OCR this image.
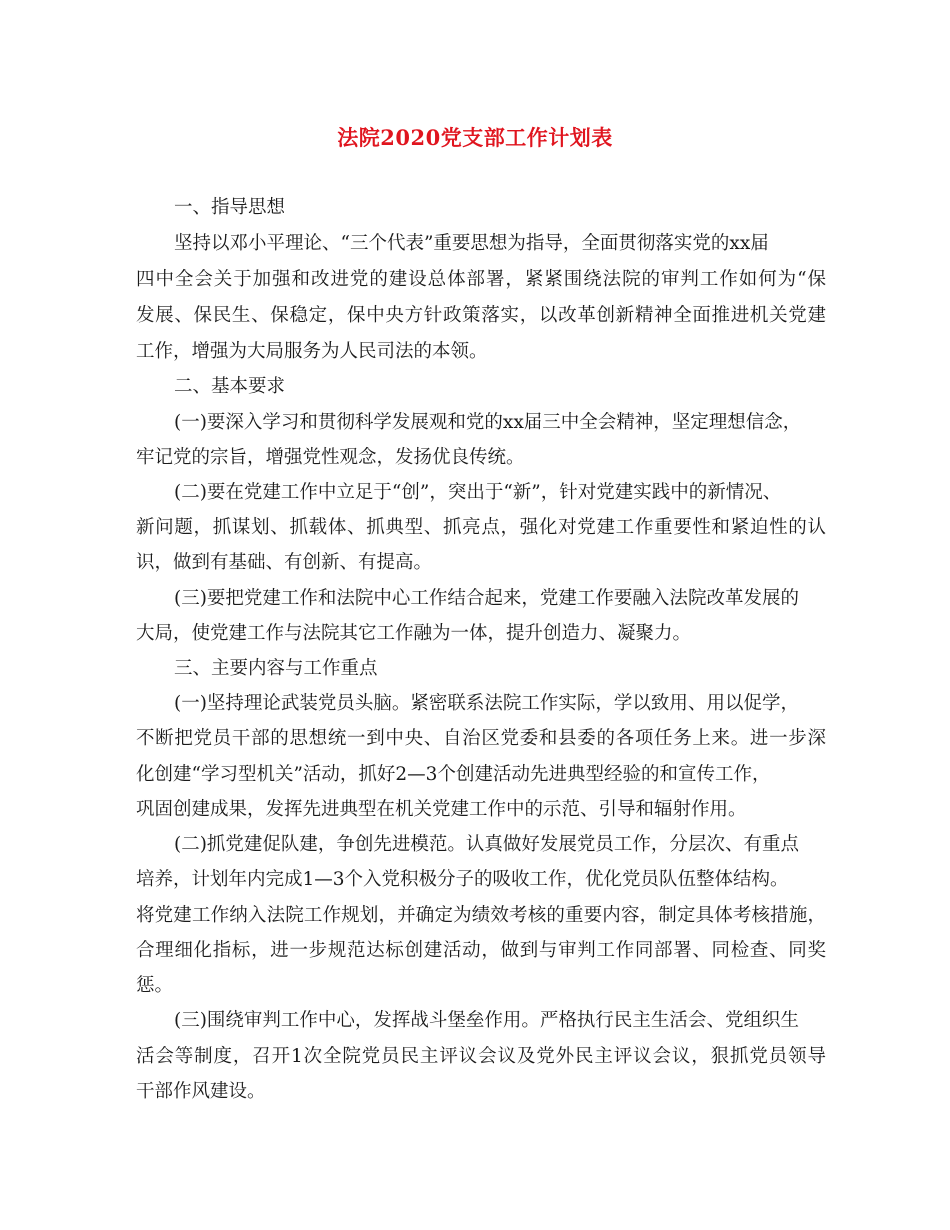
法院2020党支部工作计划表
一、指导思想
坚持以邓小平理论、“三个代表”重要思想为指导，全面贯彻落实党的xx届
四中全会关于加强和改进党的建设总体部署，紧紧围绕法院的审判工作如何为“保
发展、保民生、保稳定，保中央方针政策落实，以改革创新精神全面推进机关党建
工作，增强为大局服务为人民司法的本领。
二、基本要求
(一)要深入学习和贯彻科学发展观和党的xx届三中全会精神，坚定理想信念，
牢记党的宗旨，增强党性观念，发扬优良传统。
(二)要在党建工作中立足于“创”，突出于“新”，针对党建实践中的新情况、
新问题，抓谋划、抓载体、抓典型、抓亮点，强化对党建工作重要性和紧迫性的认
识，做到有基础、有创新、有提高。
(三)要把党建工作和法院中心工作结合起来，党建工作要融入法院改革发展的
大局，使党建工作与法院其它工作融为一体，提升创造力、凝聚力。
三、主要内容与工作重点
(一)坚持理论武装党员头脑。紧密联系法院工作实际，学以致用、用以促学，
不断把党员干部的思想统一到中央、自治区党委和县委的各项任务上来。进一步深
化创建“学习型机关”活动，抓好2—3个创建活动先进典型经验的和宣传工作，
巩固创建成果，发挥先进典型在机关党建工作中的示范、引导和辐射作用。
(二)抓党建促队建，争创先进模范。认真做好发展党员工作，分层次、有重点
培养，计划年内完成1—3个入党积极分子的吸收工作，优化党员队伍整体结构。
将党建工作纳入法院工作规划，并确定为绩效考核的重要内容，制定具体考核措施，
合理细化指标，进一步规范达标创建活动，做到与审判工作同部署、同检查、同奖
惩。
(三)围绕审判工作中心，发挥战斗堡垒作用。严格执行民主生活会、党组织生
活会等制度，召开1次全院党员民主评议会议及党外民主评议会议，狠抓党员领导
干部作风建设。
